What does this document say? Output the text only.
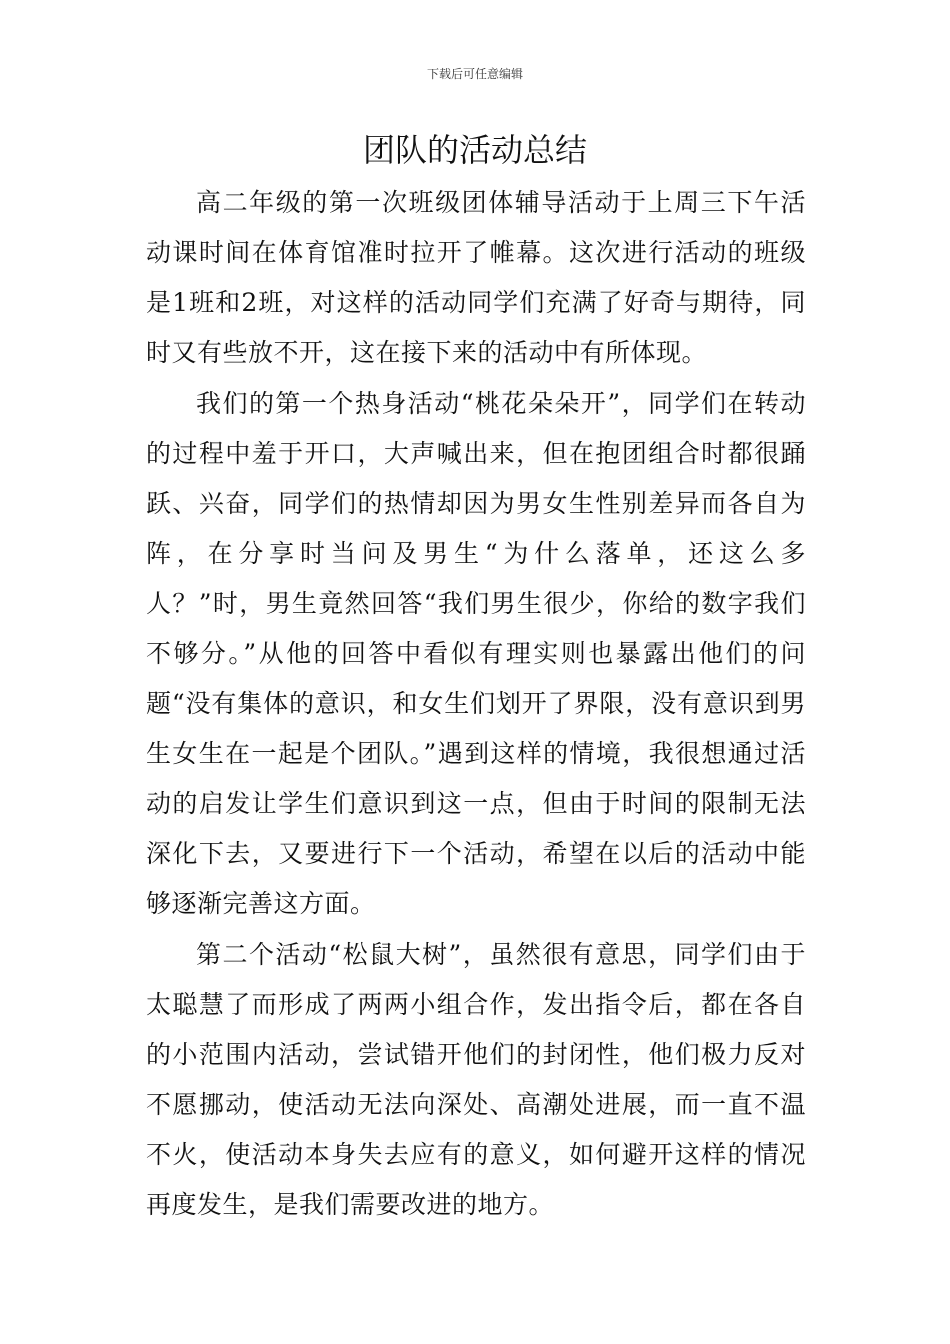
下载后可任意编辑
团队的活动总结

高二年级的第一次班级团体辅导活动于上周三下午活动课时间在体育馆准时拉开了帷幕。这次进行活动的班级是1班和2班，对这样的活动同学们充满了好奇与期待，同时又有些放不开，这在接下来的活动中有所体现。

我们的第一个热身活动“桃花朵朵开”，同学们在转动的过程中羞于开口，大声喊出来，但在抱团组合时都很踊跃、兴奋，同学们的热情却因为男女生性别差异而各自为阵，在分享时当问及男生“为什么落单，还这么多人？”时，男生竟然回答“我们男生很少，你给的数字我们不够分。”从他的回答中看似有理实则也暴露出他们的问题“没有集体的意识，和女生们划开了界限，没有意识到男生女生在一起是个团队。”遇到这样的情境，我很想通过活动的启发让学生们意识到这一点，但由于时间的限制无法深化下去，又要进行下一个活动，希望在以后的活动中能够逐渐完善这方面。

第二个活动“松鼠大树”，虽然很有意思，同学们由于太聪慧了而形成了两两小组合作，发出指令后，都在各自的小范围内活动，尝试错开他们的封闭性，他们极力反对不愿挪动，使活动无法向深处、高潮处进展，而一直不温不火，使活动本身失去应有的意义，如何避开这样的情况再度发生，是我们需要改进的地方。
